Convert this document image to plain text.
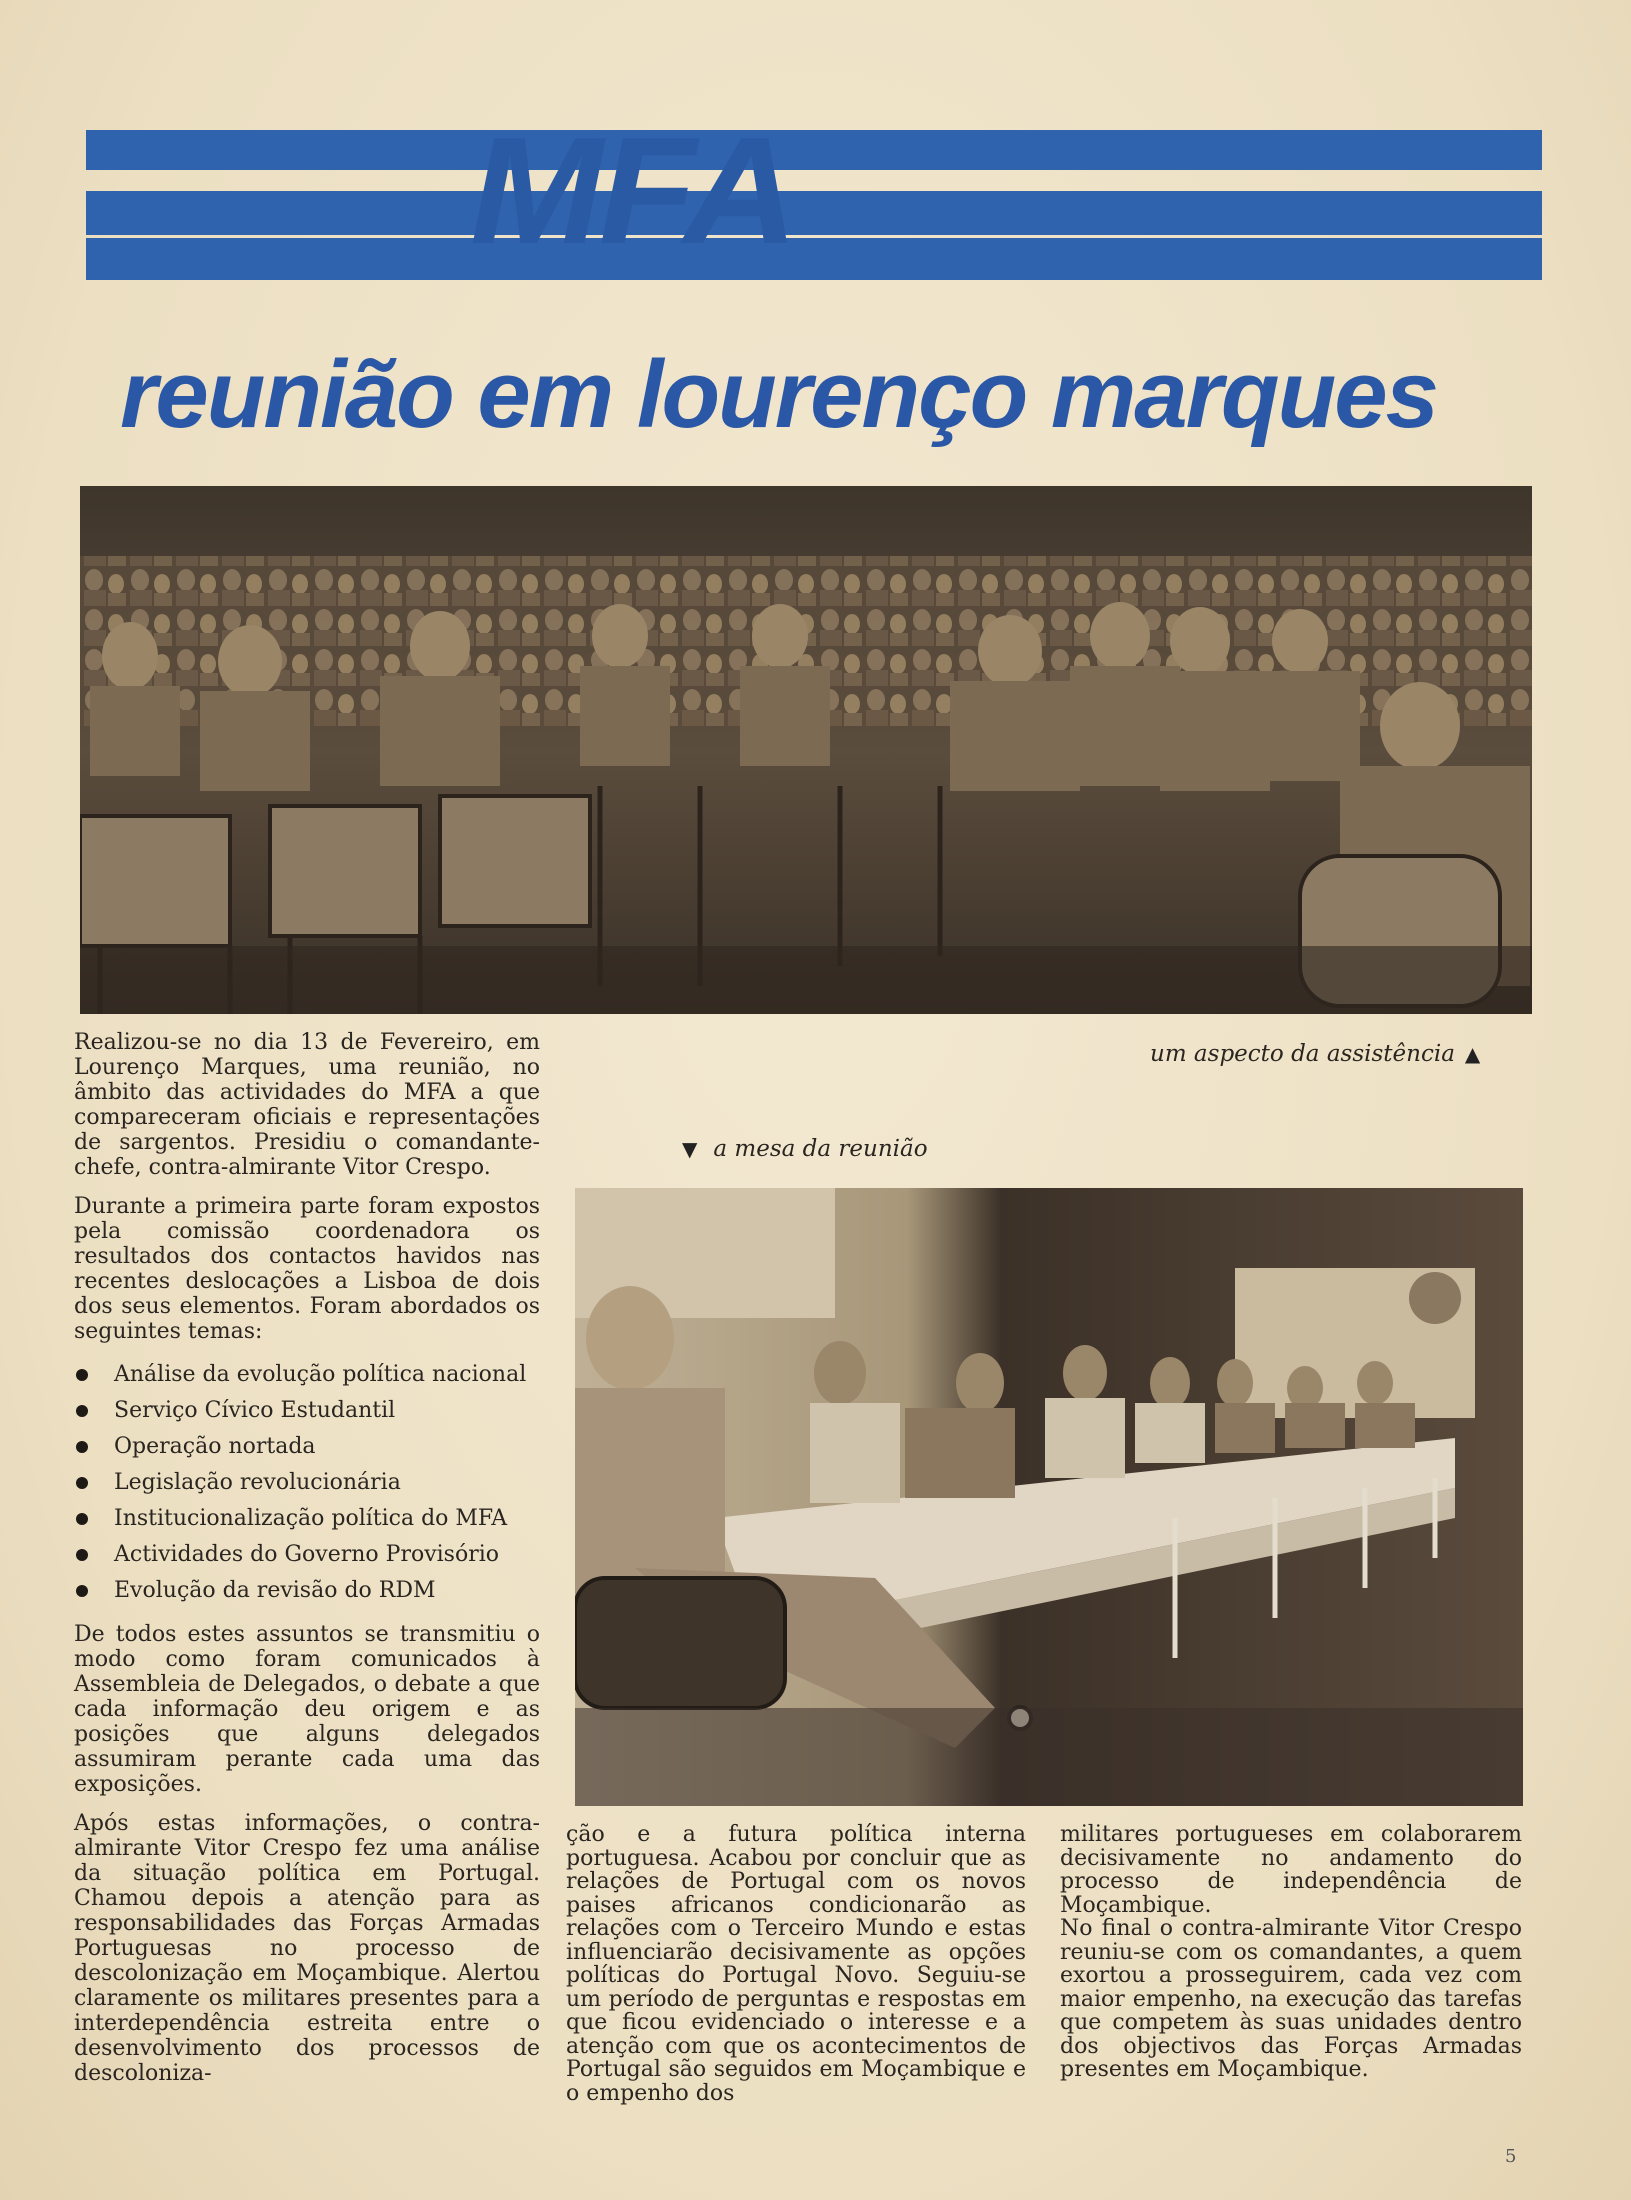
MFA
reunião em lourenço marques
um aspecto da assistência ▲
▼ a mesa da reunião

Realizou-se no dia 13 de Fevereiro, em Lourenço Marques, uma reunião, no âmbito das actividades do MFA a que compareceram oficiais e representações de sargentos. Presidiu o comandante-chefe, contra-almirante Vitor Crespo.

Durante a primeira parte foram expostos pela comissão coordenadora os resultados dos contactos havidos nas recentes deslocações a Lisboa de dois dos seus elementos. Foram abordados os seguintes temas:

Análise da evolução política nacional
Serviço Cívico Estudantil
Operação nortada
Legislação revolucionária
Institucionalização política do MFA
Actividades do Governo Provisório
Evolução da revisão do RDM

De todos estes assuntos se transmitiu o modo como foram comunicados à Assembleia de Delegados, o debate a que cada informação deu origem e as posições que alguns delegados assumiram perante cada uma das exposições.

Após estas informações, o contra-almirante Vitor Crespo fez uma análise da situação política em Portugal. Chamou depois a atenção para as responsabilidades das Forças Armadas Portuguesas no processo de descolonização em Moçambique. Alertou claramente os militares presentes para a interdependência estreita entre o desenvolvimento dos processos de descoloniza-

ção e a futura política interna portuguesa. Acabou por concluir que as relações de Portugal com os novos paises africanos condicionarão as relações com o Terceiro Mundo e estas influenciarão decisivamente as opções políticas do Portugal Novo. Seguiu-se um período de perguntas e respostas em que ficou evidenciado o interesse e a atenção com que os acontecimentos de Portugal são seguidos em Moçambique e o empenho dos

militares portugueses em colaborarem decisivamente no andamento do processo de independência de Moçambique.

No final o contra-almirante Vitor Crespo reuniu-se com os comandantes, a quem exortou a prosseguirem, cada vez com maior empenho, na execução das tarefas que competem às suas unidades dentro dos objectivos das Forças Armadas presentes em Moçambique.

5
